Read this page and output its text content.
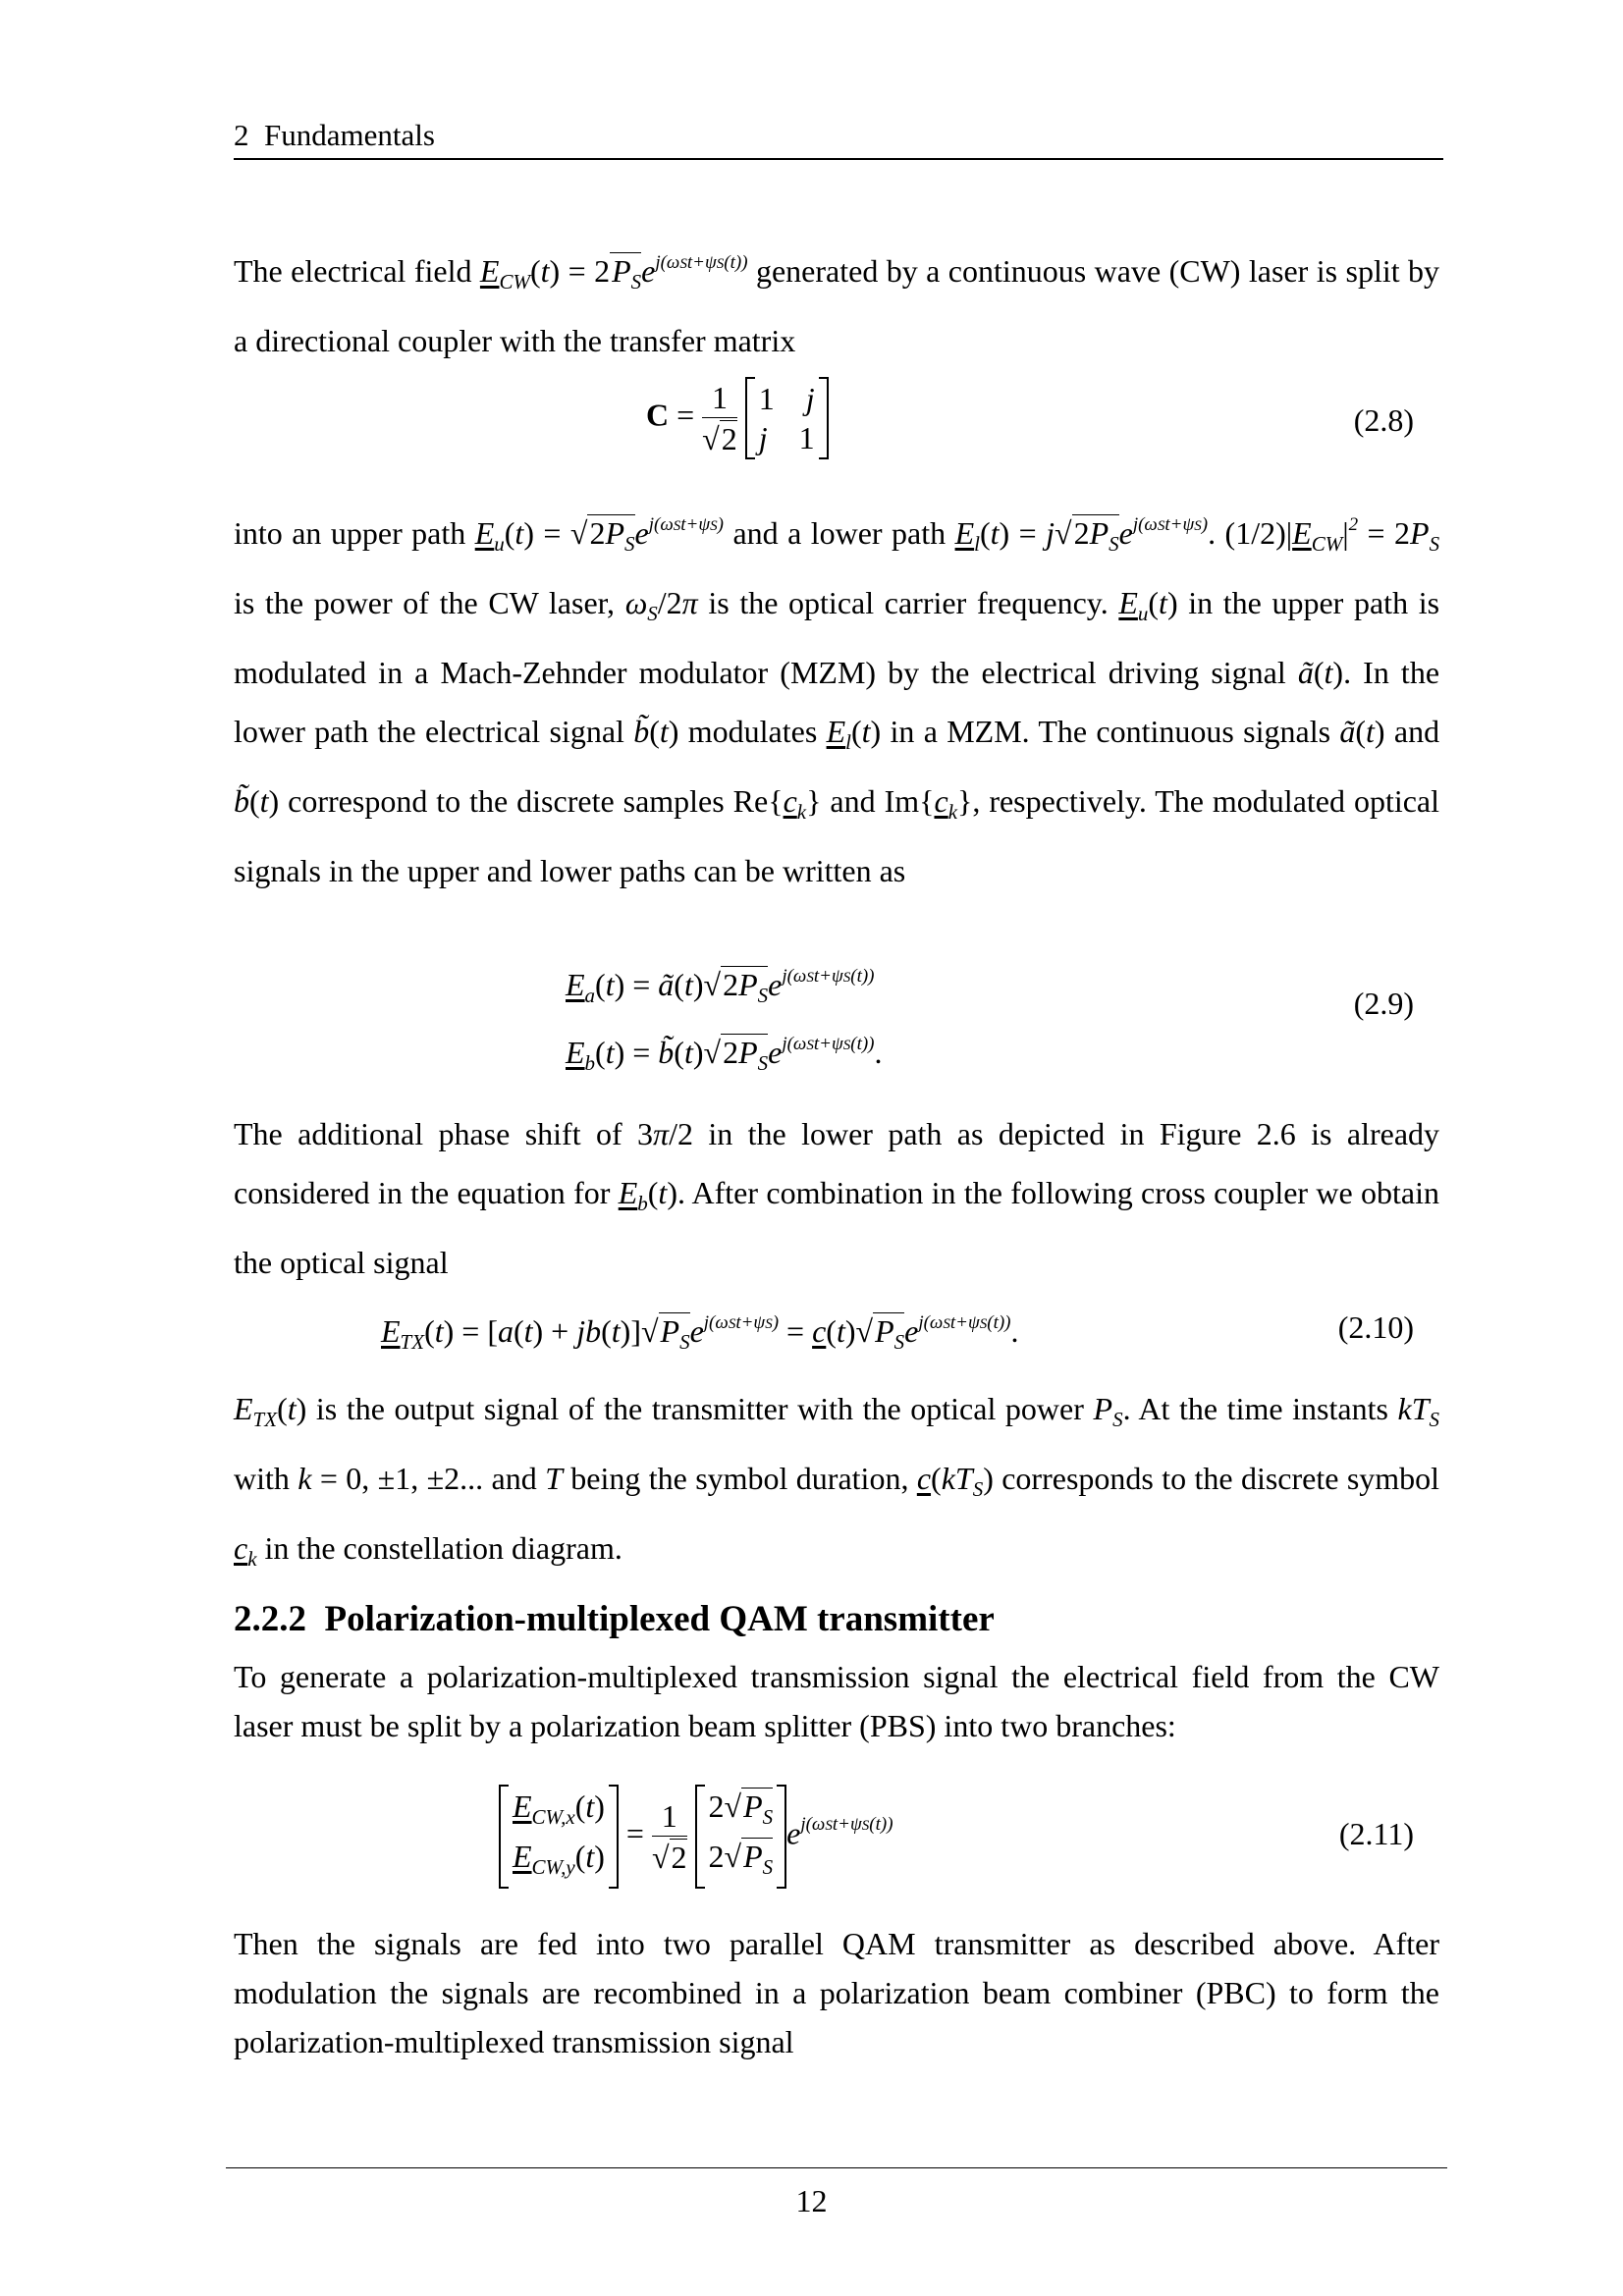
2 Fundamentals
The electrical field $E_{CW}(t) = 2P_Se^{j(\omega St+\psi S(t))}$ generated by a continuous wave (CW) laser is split by a directional coupler with the transfer matrix
$C = \frac{1}{√2}$
1    j
j    1	(2.8)
into an upper path $E_u(t) = √2P_Se^{j(\omega St+\psi S)}$ and a lower path $E_l(t) = j√2P_Se^{j(\omega St+\psi S)}$. $(1/2)|E_{CW}|^2 = 2P_S$ is the power of the CW laser, $\omega_S/2\pi$ is the optical carrier frequency. $E_u(t)$ in the upper path is modulated in a Mach-Zehnder modulator (MZM) by the electrical driving signal ã(t). In the lower path the electrical signal b̃(t) modulates $E_l(t)$ in a MZM. The continuous signals ã(t) and b̃(t) correspond to the discrete samples $Re\{c_k\}$ and $Im\{c_k\}$, respectively. The modulated optical signals in the upper and lower paths can be written as
$E_a(t)$ = $ã(t)√2P_Se^{j(\omega St+\psi S(t))}$
$E_b(t)$ = $b̃(t)√2P_Se^{j(\omega St+\psi S(t))}$.
(2.9)
The additional phase shift of 3π/2 in the lower path as depicted in Figure 2.6 is already considered in the equation for $E_b(t)$. After combination in the following cross coupler we obtain the optical signal
$E_{TX}(t) = [a(t) + jb(t)]√P_Se^{j(\omega St+\psi S)} = c(t)√P_Se^{j(\omega St+\psi S(t))}$.	(2.10)
$E_{TX}(t)$ is the output signal of the transmitter with the optical power $P_S$. At the time instants $kT_S$ with k = 0, ±1, ±2... and T being the symbol duration, $c(kT_S)$ corresponds to the discrete symbol $c_k$ in the constellation diagram.
2.2.2 Polarization-multiplexed QAM transmitter
To generate a polarization-multiplexed transmission signal the electrical field from the CW laser must be split by a polarization beam splitter (PBS) into two branches:
$E_{CW,x}(t)$
$E_{CW,y}(t)$
= $\frac{1}{√2}$
$2√P_S$
$2√P_S$
$e^{j(\omega St+\psi S(t))}$	(2.11)
Then the signals are fed into two parallel QAM transmitter as described above. After modulation the signals are recombined in a polarization beam combiner (PBC) to form the polarization-multiplexed transmission signal
12
